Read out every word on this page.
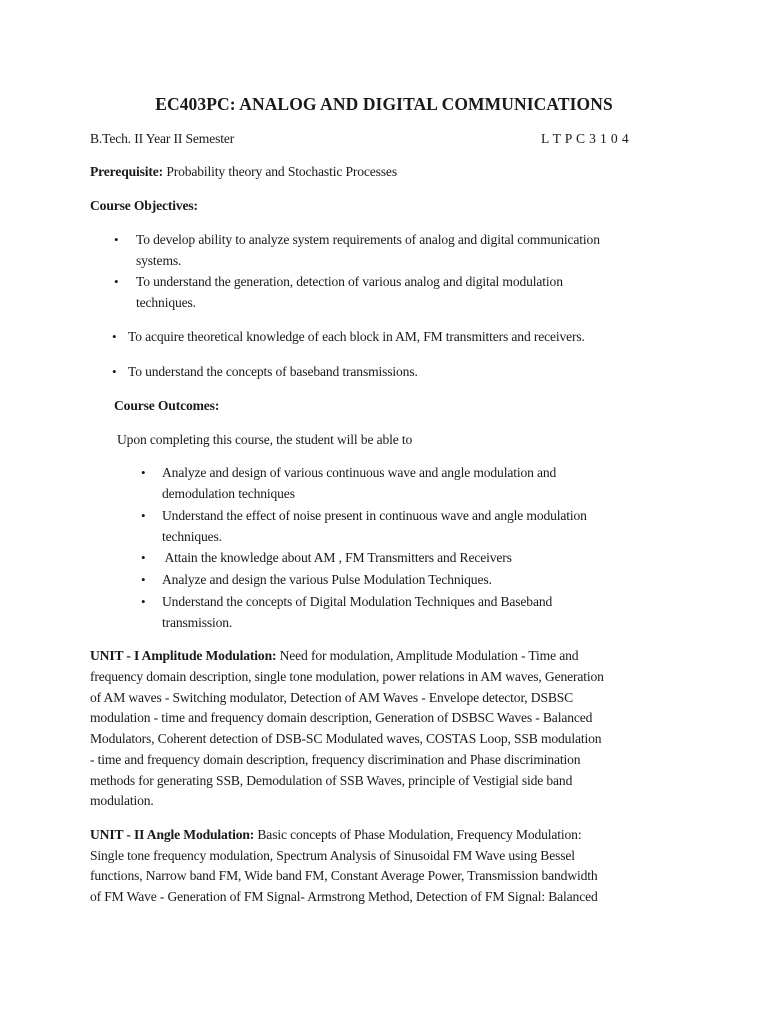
EC403PC: ANALOG AND DIGITAL COMMUNICATIONS
B.Tech. II Year II Semester	L T P C 3 1 0 4
Prerequisite: Probability theory and Stochastic Processes
Course Objectives:
• To develop ability to analyze system requirements of analog and digital communication
systems.
• To understand the generation, detection of various analog and digital modulation
techniques.
• To acquire theoretical knowledge of each block in AM, FM transmitters and receivers.
• To understand the concepts of baseband transmissions.
Course Outcomes:
Upon completing this course, the student will be able to
• Analyze and design of various continuous wave and angle modulation and
demodulation techniques
• Understand the effect of noise present in continuous wave and angle modulation
techniques.
• Attain the knowledge about AM , FM Transmitters and Receivers
• Analyze and design the various Pulse Modulation Techniques.
• Understand the concepts of Digital Modulation Techniques and Baseband
transmission.
UNIT - I Amplitude Modulation: Need for modulation, Amplitude Modulation - Time and
frequency domain description, single tone modulation, power relations in AM waves, Generation
of AM waves - Switching modulator, Detection of AM Waves - Envelope detector, DSBSC
modulation - time and frequency domain description, Generation of DSBSC Waves - Balanced
Modulators, Coherent detection of DSB-SC Modulated waves, COSTAS Loop, SSB modulation
- time and frequency domain description, frequency discrimination and Phase discrimination
methods for generating SSB, Demodulation of SSB Waves, principle of Vestigial side band
modulation.
UNIT - II Angle Modulation: Basic concepts of Phase Modulation, Frequency Modulation:
Single tone frequency modulation, Spectrum Analysis of Sinusoidal FM Wave using Bessel
functions, Narrow band FM, Wide band FM, Constant Average Power, Transmission bandwidth
of FM Wave - Generation of FM Signal- Armstrong Method, Detection of FM Signal: Balanced
